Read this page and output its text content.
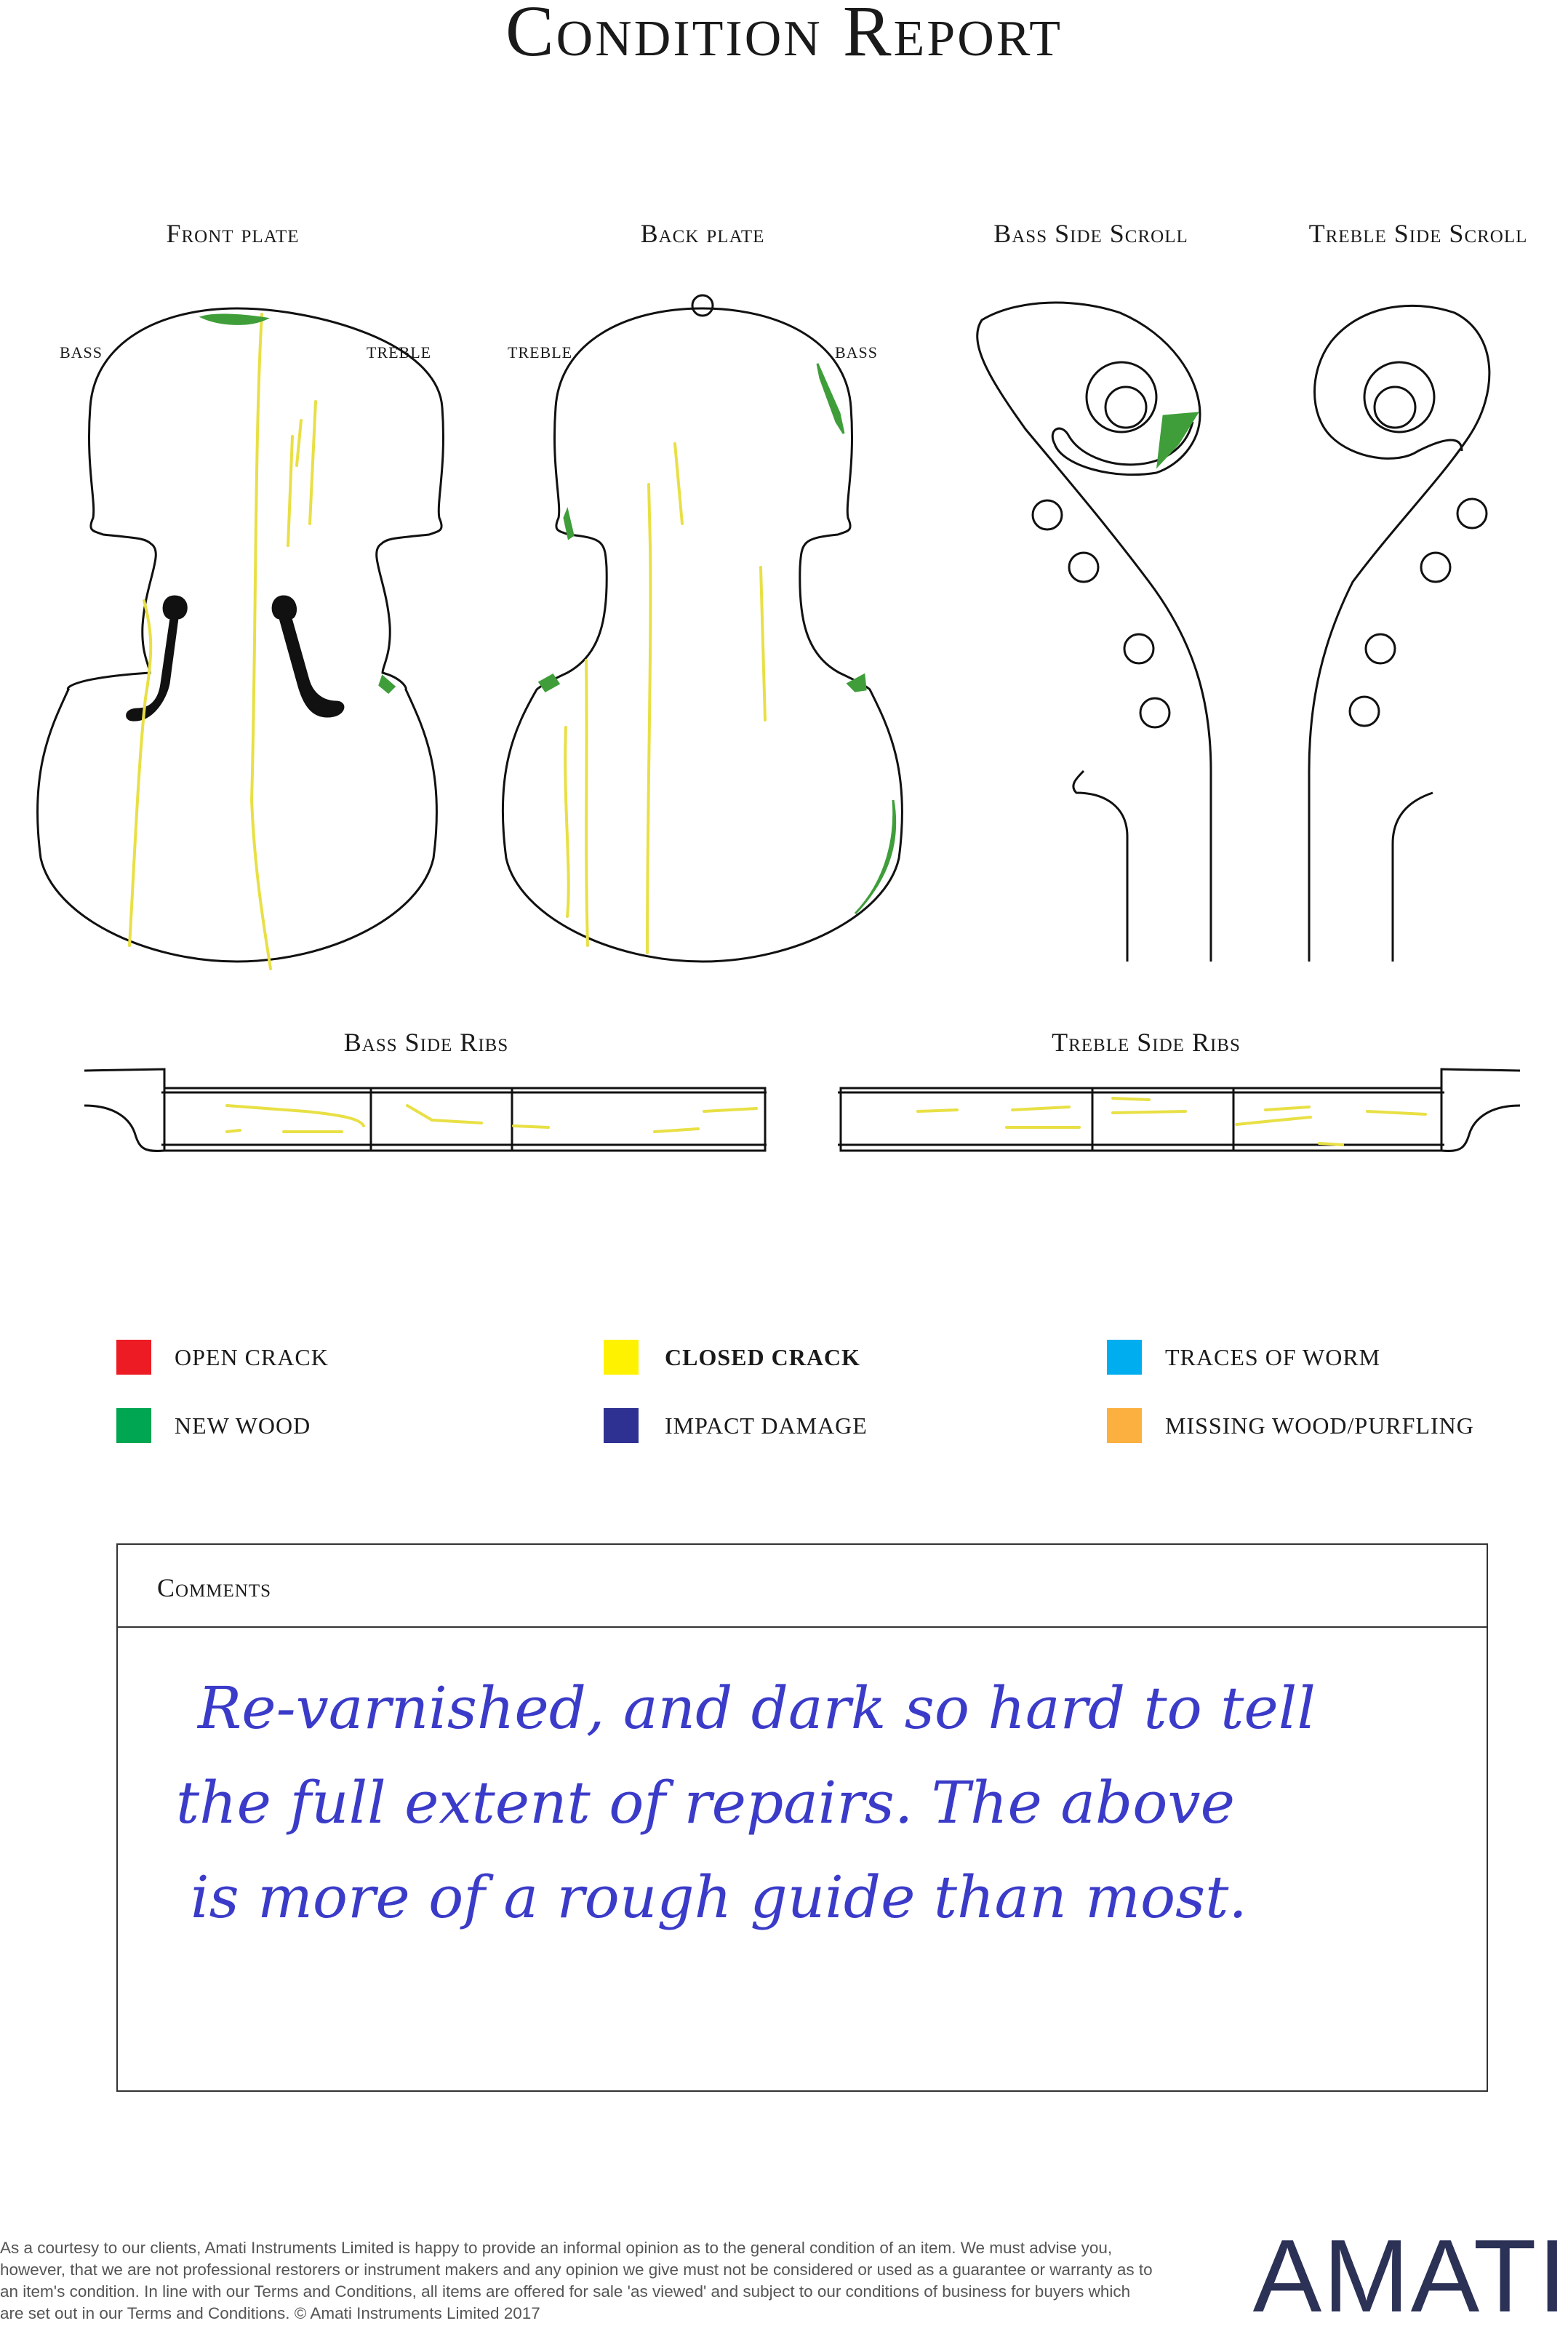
Condition Report
Front plate	Back plate	Bass Side Scroll	Treble Side Scroll
Bass Side Ribs	Treble Side Ribs
BASS	TREBLE	TREBLE	BASS
OPEN CRACK	CLOSED CRACK	TRACES OF WORM
NEW WOOD	IMPACT DAMAGE	MISSING WOOD/PURFLING
Comments
Re-varnished, and dark so hard to tell
the full extent of repairs. The above
is more of a rough guide than most.
As a courtesy to our clients, Amati Instruments Limited is happy to provide an informal opinion as to the general condition of an item. We must advise you, however, that we are not professional restorers or instrument makers and any opinion we give must not be considered or used as a guarantee or warranty as to an item's condition. In line with our Terms and Conditions, all items are offered for sale 'as viewed' and subject to our conditions of business for buyers which are set out in our Terms and Conditions. © Amati Instruments Limited 2017	AMATI
